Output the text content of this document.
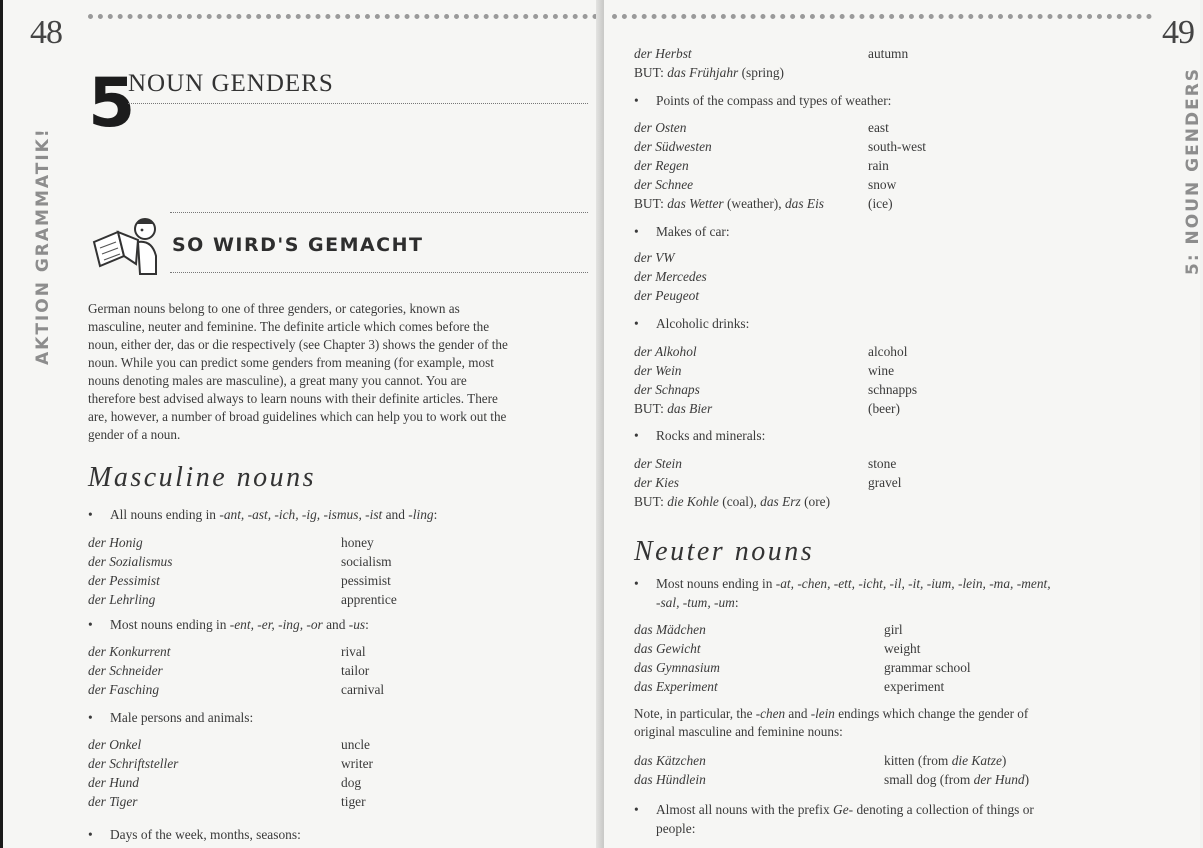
48
AKTION GRAMMATIK!
5
NOUN GENDERS
SO WIRD'S GEMACHT
German nouns belong to one of three genders, or categories, known as
masculine, neuter and feminine. The definite article which comes before the
noun, either der, das or die respectively (see Chapter 3) shows the gender of the
noun. While you can predict some genders from meaning (for example, most
nouns denoting males are masculine), a great many you cannot. You are
therefore best advised always to learn nouns with their definite articles. There
are, however, a number of broad guidelines which can help you to work out the
gender of a noun.
Masculine nouns
• All nouns ending in -ant, -ast, -ich, -ig, -ismus, -ist and -ling:
der Honig	honey
der Sozialismus	socialism
der Pessimist	pessimist
der Lehrling	apprentice
• Most nouns ending in -ent, -er, -ing, -or and -us:
der Konkurrent	rival
der Schneider	tailor
der Fasching	carnival
• Male persons and animals:
der Onkel	uncle
der Schriftsteller	writer
der Hund	dog
der Tiger	tiger
• Days of the week, months, seasons:
49
5: NOUN GENDERS
der Herbst	autumn
BUT: das Frühjahr (spring)
• Points of the compass and types of weather:
der Osten	east
der Südwesten	south-west
der Regen	rain
der Schnee	snow
BUT: das Wetter (weather), das Eis	(ice)
• Makes of car:
der VW
der Mercedes
der Peugeot
• Alcoholic drinks:
der Alkohol	alcohol
der Wein	wine
der Schnaps	schnapps
BUT: das Bier	(beer)
• Rocks and minerals:
der Stein	stone
der Kies	gravel
BUT: die Kohle (coal), das Erz (ore)
Neuter nouns
• Most nouns ending in -at, -chen, -ett, -icht, -il, -it, -ium, -lein, -ma, -ment,
-sal, -tum, -um:
das Mädchen	girl
das Gewicht	weight
das Gymnasium	grammar school
das Experiment	experiment
Note, in particular, the -chen and -lein endings which change the gender of
original masculine and feminine nouns:
das Kätzchen	kitten (from die Katze)
das Hündlein	small dog (from der Hund)
• Almost all nouns with the prefix Ge- denoting a collection of things or
people:
